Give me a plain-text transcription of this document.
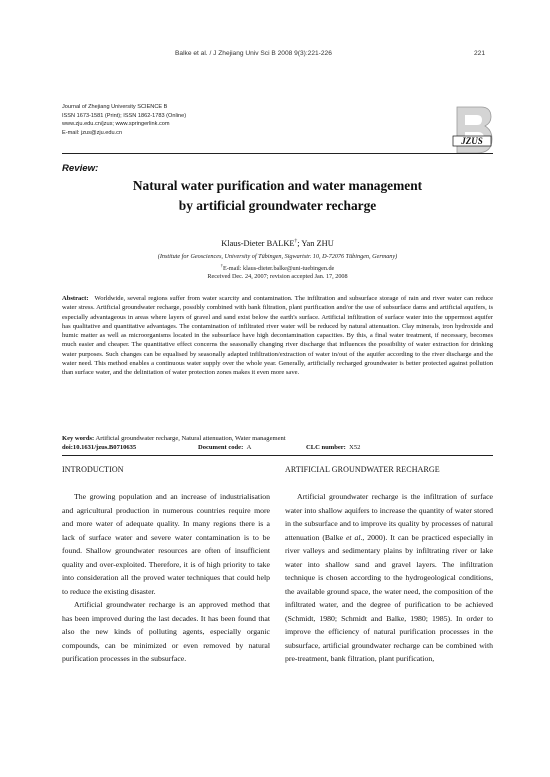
Balke et al. / J Zhejiang Univ Sci B 2008 9(3):221-226	221
Journal of Zhejiang University SCIENCE B
ISSN 1673-1581 (Print); ISSN 1862-1783 (Online)
www.zju.edu.cn/jzus; www.springerlink.com
E-mail: jzus@zju.edu.cn
JZUS
Review:
Natural water purification and water management
by artificial groundwater recharge
Klaus-Dieter BALKE†; Yan ZHU
(Institute for Geosciences, University of Tübingen, Sigwartstr. 10, D-72076 Tübingen, Germany)
†E-mail: klaus-dieter.balke@uni-tuebingen.de
Received Dec. 24, 2007; revision accepted Jan. 17, 2008
Abstract: Worldwide, several regions suffer from water scarcity and contamination. The infiltration and subsurface storage of rain and river water can reduce water stress. Artificial groundwater recharge, possibly combined with bank filtration, plant purification and/or the use of subsurface dams and artificial aquifers, is especially advantageous in areas where layers of gravel and sand exist below the earth's surface. Artificial infiltration of surface water into the uppermost aquifer has qualitative and quantitative advantages. The contamination of infiltrated river water will be reduced by natural attenuation. Clay minerals, iron hydroxide and humic matter as well as microorganisms located in the subsurface have high decontamination capacities. By this, a final water treatment, if necessary, becomes much easier and cheaper. The quantitative effect concerns the seasonally changing river discharge that influences the possibility of water extraction for drinking water purposes. Such changes can be equalised by seasonally adapted infiltration/extraction of water in/out of the aquifer according to the river discharge and the water need. This method enables a continuous water supply over the whole year. Generally, artificially recharged groundwater is better protected against pollution than surface water, and the delinitation of water protection zones makes it even more save.
Key words: Artificial groundwater recharge, Natural attenuation, Water management
doi:10.1631/jzus.B0710635	Document code: A	CLC number: X52
INTRODUCTION	ARTIFICIAL GROUNDWATER RECHARGE

The growing population and an increase of industrialisation and agricultural production in numerous countries require more and more water of adequate quality. In many regions there is a lack of surface water and severe water contamination is to be found. Shallow groundwater resources are often of insufficient quality and over-exploited. Therefore, it is of high priority to take into consideration all the proved water techniques that could help to reduce the existing disaster.

Artificial groundwater recharge is an approved method that has been improved during the last decades. It has been found that also the new kinds of polluting agents, especially organic compounds, can be minimized or even removed by natural purification processes in the subsurface.

Artificial groundwater recharge is the infiltration of surface water into shallow aquifers to increase the quantity of water stored in the subsurface and to improve its quality by processes of natural attenuation (Balke et al., 2000). It can be practiced especially in river valleys and sedimentary plains by infiltrating river or lake water into shallow sand and gravel layers. The infiltration technique is chosen according to the hydrogeological conditions, the available ground space, the water need, the composition of the infiltrated water, and the degree of purification to be achieved (Schmidt, 1980; Schmidt and Balke, 1980; 1985). In order to improve the efficiency of natural purification processes in the subsurface, artificial groundwater recharge can be combined with pre-treatment, bank filtration, plant purification,
